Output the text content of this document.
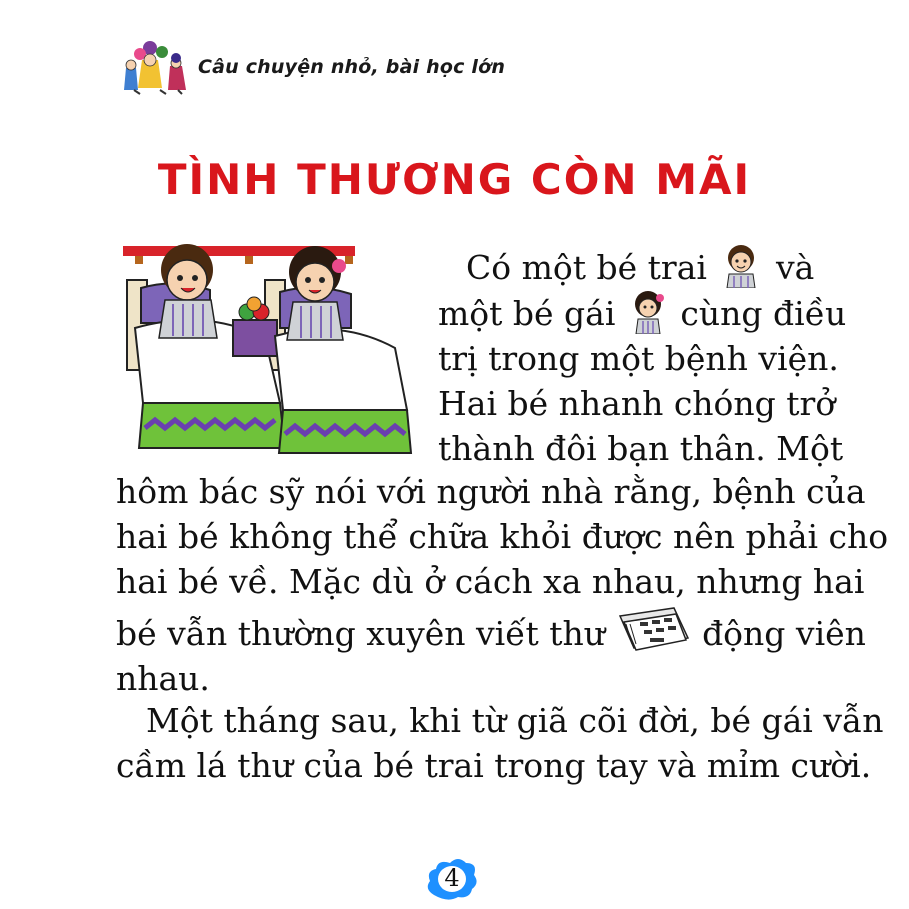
Câu chuyện nhỏ, bài học lớn
TÌNH THƯƠNG CÒN MÃI

Có một bé trai và
một bé gái cùng điều
trị trong một bệnh viện.
Hai bé nhanh chóng trở
thành đôi bạn thân. Một

hôm bác sỹ nói với người nhà rằng, bệnh của
hai bé không thể chữa khỏi được nên phải cho
hai bé về. Mặc dù ở cách xa nhau, nhưng hai
bé vẫn thường xuyên viết thư	động viên
nhau.

Một tháng sau, khi từ giã cõi đời, bé gái vẫn
cầm lá thư của bé trai trong tay và mỉm cười.

4
